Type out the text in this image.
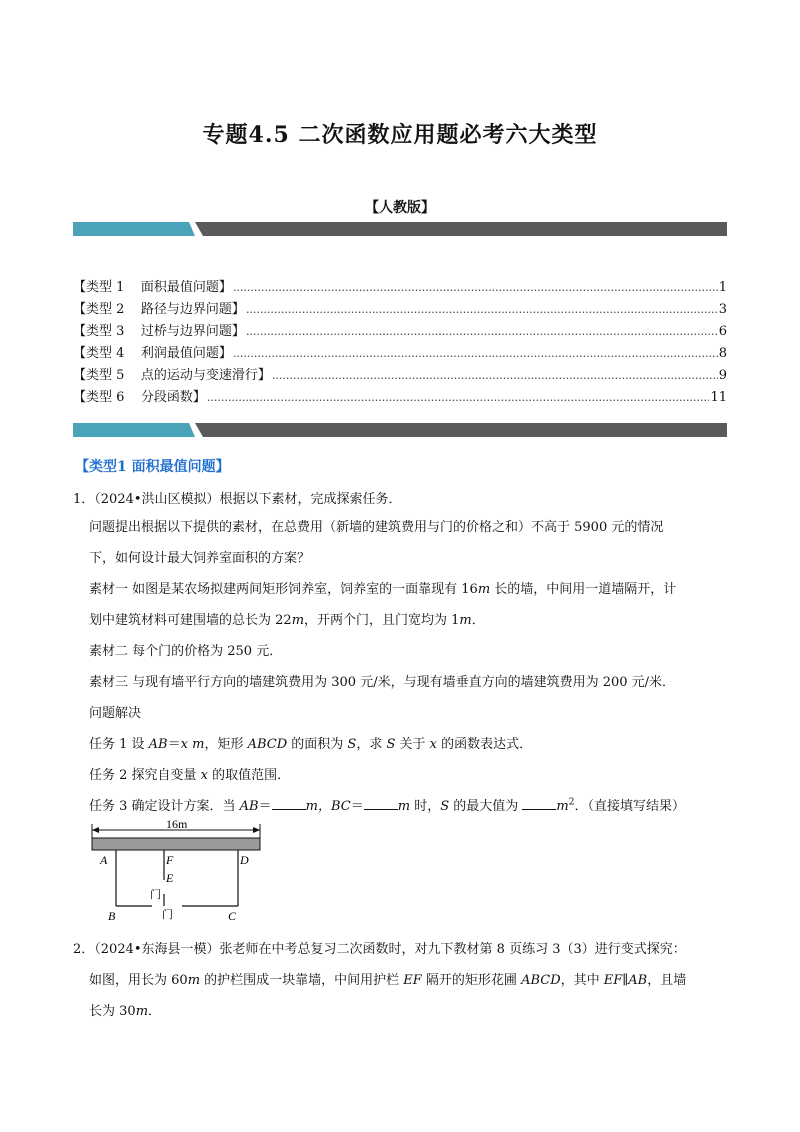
专题4.5 二次函数应用题必考六大类型
【人教版】
【类型 1    面积最值问题】 .....	1
【类型 2    路径与边界问题】 .....	3
【类型 3    过桥与边界问题】 .....	6
【类型 4    利润最值问题】 .....	8
【类型 5    点的运动与变速滑行】 .....	9
【类型 6    分段函数】 .....	11
【类型1 面积最值问题】
1．（2024•洪山区模拟）根据以下素材，完成探索任务．
问题提出根据以下提供的素材，在总费用（新墙的建筑费用与门的价格之和）不高于 5900 元的情况
下，如何设计最大饲养室面积的方案？
素材一 如图是某农场拟建两间矩形饲养室，饲养室的一面靠现有 16m 长的墙，中间用一道墙隔开，计
划中建筑材料可建围墙的总长为 22m，开两个门，且门宽均为 1m．
素材二 每个门的价格为 250 元．
素材三 与现有墙平行方向的墙建筑费用为 300 元/米，与现有墙垂直方向的墙建筑费用为 200 元/米．
问题解决
任务 1 设 AB＝x m，矩形 ABCD 的面积为 S，求 S 关于 x 的函数表达式．
任务 2 探究自变量 x 的取值范围．
任务 3 确定设计方案．当 AB＝	m，BC＝	m 时，S 的最大值为	$m^2$．（直接填写结果）
2．（2024•东海县一模）张老师在中考总复习二次函数时，对九下教材第 8 页练习 3（3）进行变式探究：
如图，用长为 60m 的护栏围成一块靠墙，中间用护栏 EF 隔开的矩形花圃 ABCD，其中 EF∥AB，且墙
长为 30m．
16m
A	F	D
E
门
B	门	C
